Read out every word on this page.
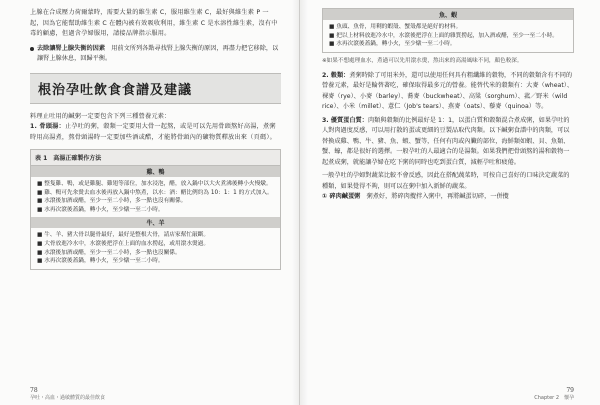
上腺在合成壓力荷爾蒙時，需要大量的維生素 C，服用維生素 C，最好與維生素 P 一起，因為它能幫助維生素 C 在體內被有效吸收利用，維生素 C 是水溶性維生素，沒有中毒的顧慮，但過含孕婦服用，請接品牌指示服用。

去除讓腎上腺失衡的因素　 用前文所列各點尋找腎上腺失衡的原因，再盡力把它移除，以讓腎上腺休息，回歸平衡。

根治孕吐飲食食譜及建議

料理止吐用的鹹粥一定要包含下列三種營養元素：

1. 骨頭湯：止孕吐的粥，穀類一定要用大骨一起熬，或是可以先用骨頭熬好高湯，煮粥時用高湯煮，熬骨頭湯時一定要加些酒或醋，才能將骨頭內的礦物質釋放出來（頁碼）。

表 1　高湯正確製作方法
雞、鴨
■ 整隻雞、鴨，或是雞腿、雞翅等部位，加水浸泡，醋，放入鍋中以大火煮沸後轉小火慢燉。
■ 雞、鴨可先汆燙去血水後再放入鍋中熬煮，以水：酒：醋比例約為 10：1：1 的方式加入。
■ 水滾後加酒或醋，至少一至二小時，多一點也沒有關係。
■ 水再次滾後蓋鍋，轉小火，至少燉一至二小時。
牛、羊
■ 牛、羊、豬大骨以腿骨最好，最好是整根大骨，請店家幫忙敲斷。
■ 大骨放進冷水中，水滾後把浮在上面的血水撈起，或用滾水燙過。
■ 水滾後加酒或醋，至少一至二小時，多一點也沒關係。
■ 水再次滾後蓋鍋，轉小火，至少燉一至二小時。
78
孕吐・高血・過敏體質的最佳飲食
魚、蝦
■ 魚頭、魚骨，用剩的蝦殼、蟹殼都是絕好的材料。
■ 把以上材料放進冷水中，水滾後把浮在上面的雜質撈起，加入酒或醋，至少一至二小時。
■ 水再次滾後蓋鍋，轉小火，至少燉一至二小時。

※如果不想處理血水，煮過可以先用滾水燙，熬出來的高湯風味不同，顏色較深。

2. 穀類：煮粥時除了可用米外，還可以使用任何具有粗纖維的穀物，不同的穀類含有不同的營養元素，最好是輪替著吃，確保取得最多元的營養。能替代米的穀類有：大麥（wheat）、裸麥（rye）、小麥（barley）、蕎麥（buckwheat）、高粱（sorghum）、菰／野米（wild rice）、小米（millet）、薏仁（Job's tears）、燕麥（oats）、藜麥（quinoa）等。

3. 優質蛋白質：肉類與穀類的比例最好是 1：1，以蛋白質和穀類混合煮成粥，如果孕吐的人對肉過度反感，可以用打散的蛋或更細的豆製品取代肉類。以下鹹粥食譜中的肉類，可以替換成雞、鴨、牛、豬、魚、蝦、蟹等，任何有肉或內臟的部位，海鮮類如蝦、貝、魚類、蟹、蠔，都是很好的選擇。一般孕吐的人最適合的是湯類。如果我們把骨頭熬的湯和穀物一起煮成粥，就能讓孕婦在吃下粥的同時也吃到蛋白質，減輕孕吐和疲倦。

一般孕吐的孕婦對蔬菜比較不會反感，因此在搭配蔬菜時，可按自己喜好的口味決定蔬菜的種類，如果覺得不夠，則可以在粥中加入新鮮的蔬菜。

① 碎肉鹹蛋粥　 粥煮好，將碎肉攪拌入粥中，再將鹹蛋切碎，一併攪

79
Chapter 2　懷孕
